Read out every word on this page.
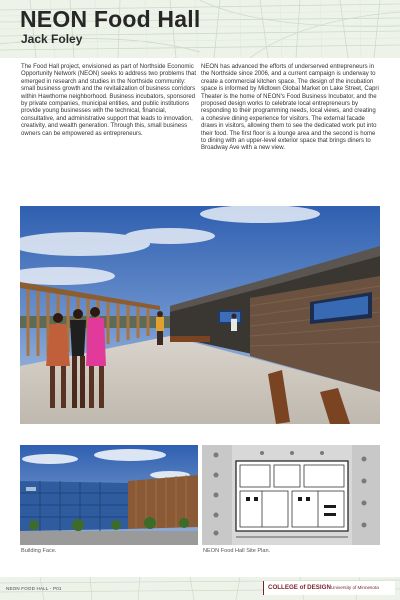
NEON Food Hall
Jack Foley
The Food Hall project, envisioned as part of Northside Economic Opportunity Network (NEON) seeks to address two problems that emerged in research and studies in the Northside community: small business growth and the revitalization of business corridors within Hawthorne neighborhood. Business incubators, sponsored by private companies, municipal entities, and public institutions provide young businesses with the technical, financial, consultative, and administrative support that leads to innovation, creativity, and wealth generation. Through this, small business owners can be empowered as entrepreneurs.
NEON has advanced the efforts of underserved entrepreneurs in the Northside since 2006, and a current campaign is underway to create a commercial kitchen space. The design of the incubation space is informed by Midtown Global Market on Lake Street, Capri Theater is the home of NEON's Food Business Incubator, and the proposed design works to celebrate local entrepreneurs by responding to their programming needs, local views, and creating a cohesive dining experience for visitors. The external facade draws in visitors, allowing them to see the dedicated work put into their food. The first floor is a lounge area and the second is home to dining with an upper-level exterior space that brings diners to Broadway Ave with a new view.
Building Face.	NEON Food Hall Site Plan.
NEON FOOD HALL - P01	COLLEGE of DESIGN University of Minnesota
